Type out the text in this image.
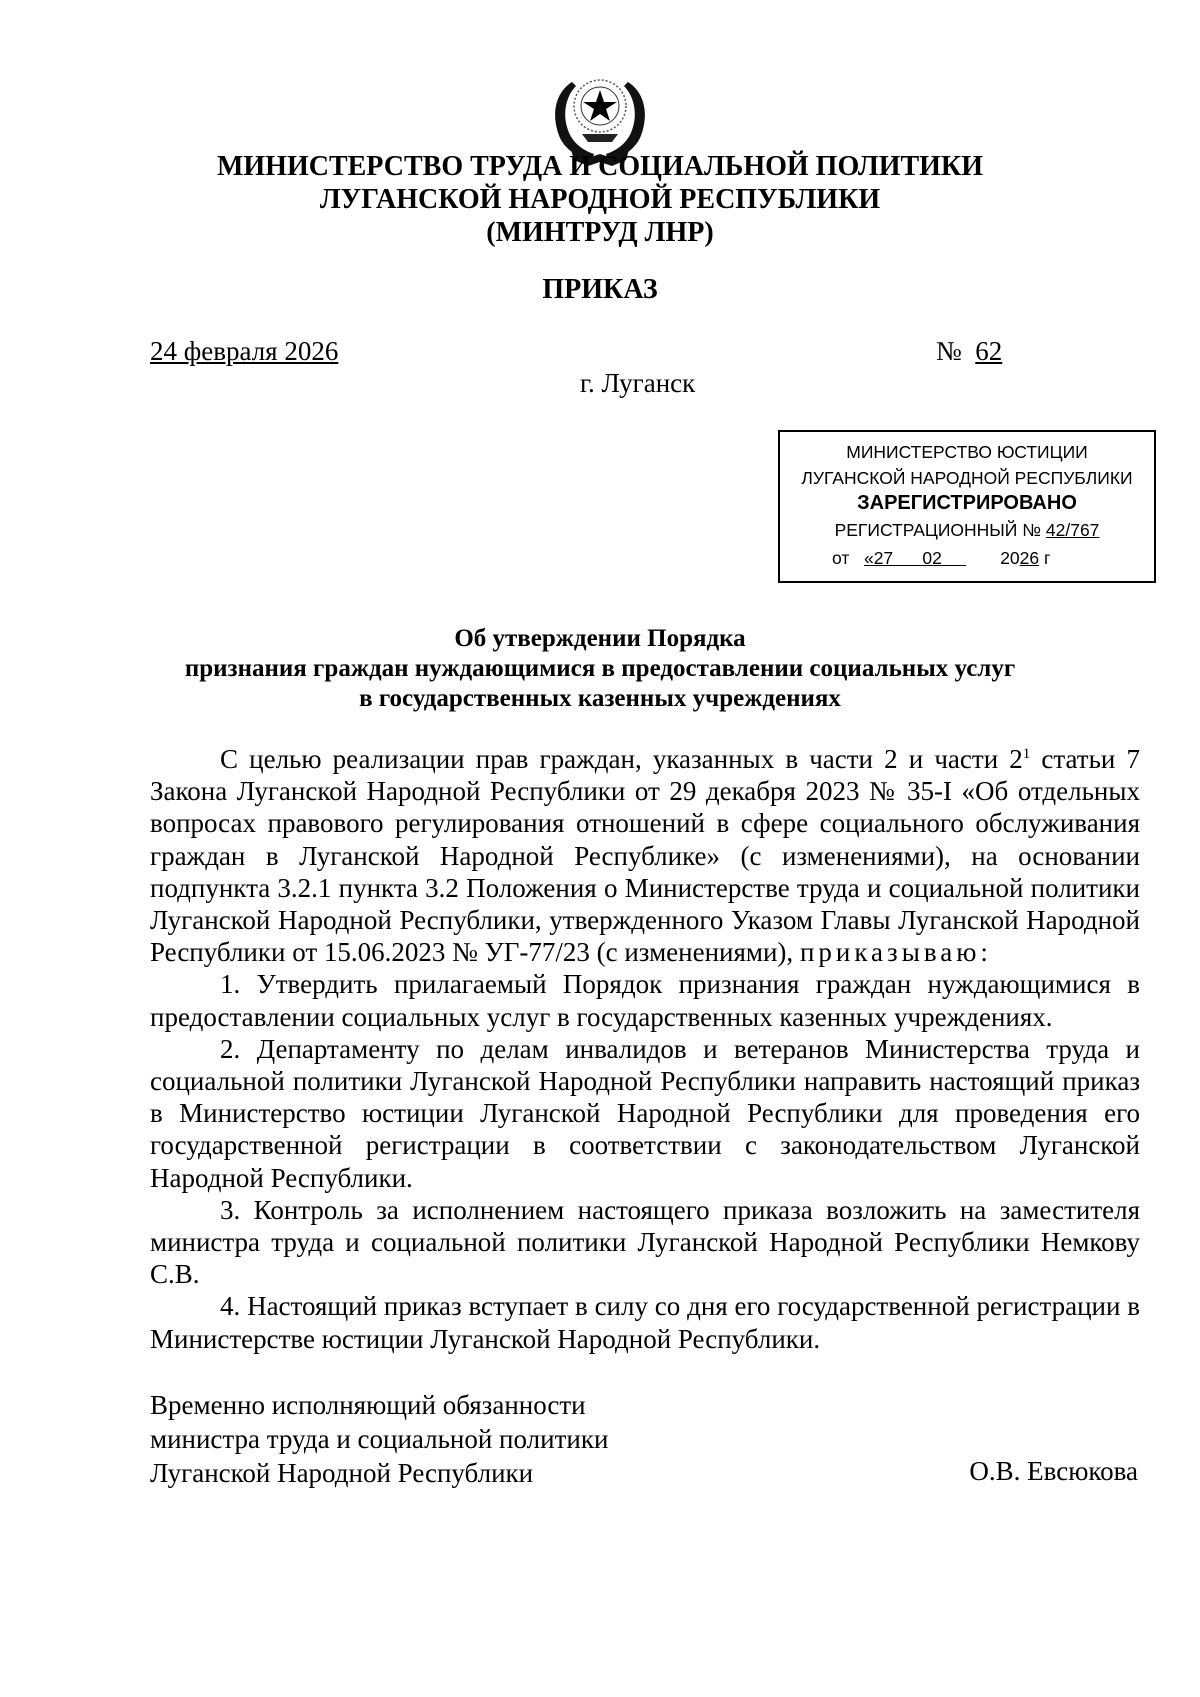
МИНИСТЕРСТВО ТРУДА И СОЦИАЛЬНОЙ ПОЛИТИКИ
ЛУГАНСКОЙ НАРОДНОЙ РЕСПУБЛИКИ
(МИНТРУД ЛНР)
ПРИКАЗ
24 февраля 2026	№ 62
г. Луганск
МИНИСТЕРСТВО ЮСТИЦИИ
ЛУГАНСКОЙ НАРОДНОЙ РЕСПУБЛИКИ
ЗАРЕГИСТРИРОВАНО
РЕГИСТРАЦИОННЫЙ № 42/767
от «27 02	2026 г
Об утверждении Порядка
признания граждан нуждающимися в предоставлении социальных услуг
в государственных казенных учреждениях

С целью реализации прав граждан, указанных в части 2 и части $2^1$ статьи 7 Закона Луганской Народной Республики от 29 декабря 2023 № 35-I «Об отдельных вопросах правового регулирования отношений в сфере социального обслуживания граждан в Луганской Народной Республике» (с изменениями), на основании подпункта 3.2.1 пункта 3.2 Положения о Министерстве труда и социальной политики Луганской Народной Республики, утвержденного Указом Главы Луганской Народной Республики от 15.06.2023 № УГ-77/23 (с изменениями), приказываю:

1. Утвердить прилагаемый Порядок признания граждан нуждающимися в предоставлении социальных услуг в государственных казенных учреждениях.

2. Департаменту по делам инвалидов и ветеранов Министерства труда и социальной политики Луганской Народной Республики направить настоящий приказ в Министерство юстиции Луганской Народной Республики для проведения его государственной регистрации в соответствии с законодательством Луганской Народной Республики.

3. Контроль за исполнением настоящего приказа возложить на заместителя министра труда и социальной политики Луганской Народной Республики Немкову С.В.

4. Настоящий приказ вступает в силу со дня его государственной регистрации в Министерстве юстиции Луганской Народной Республики.

Временно исполняющий обязанности
министра труда и социальной политики
Луганской Народной Республики	О.В. Евсюкова
